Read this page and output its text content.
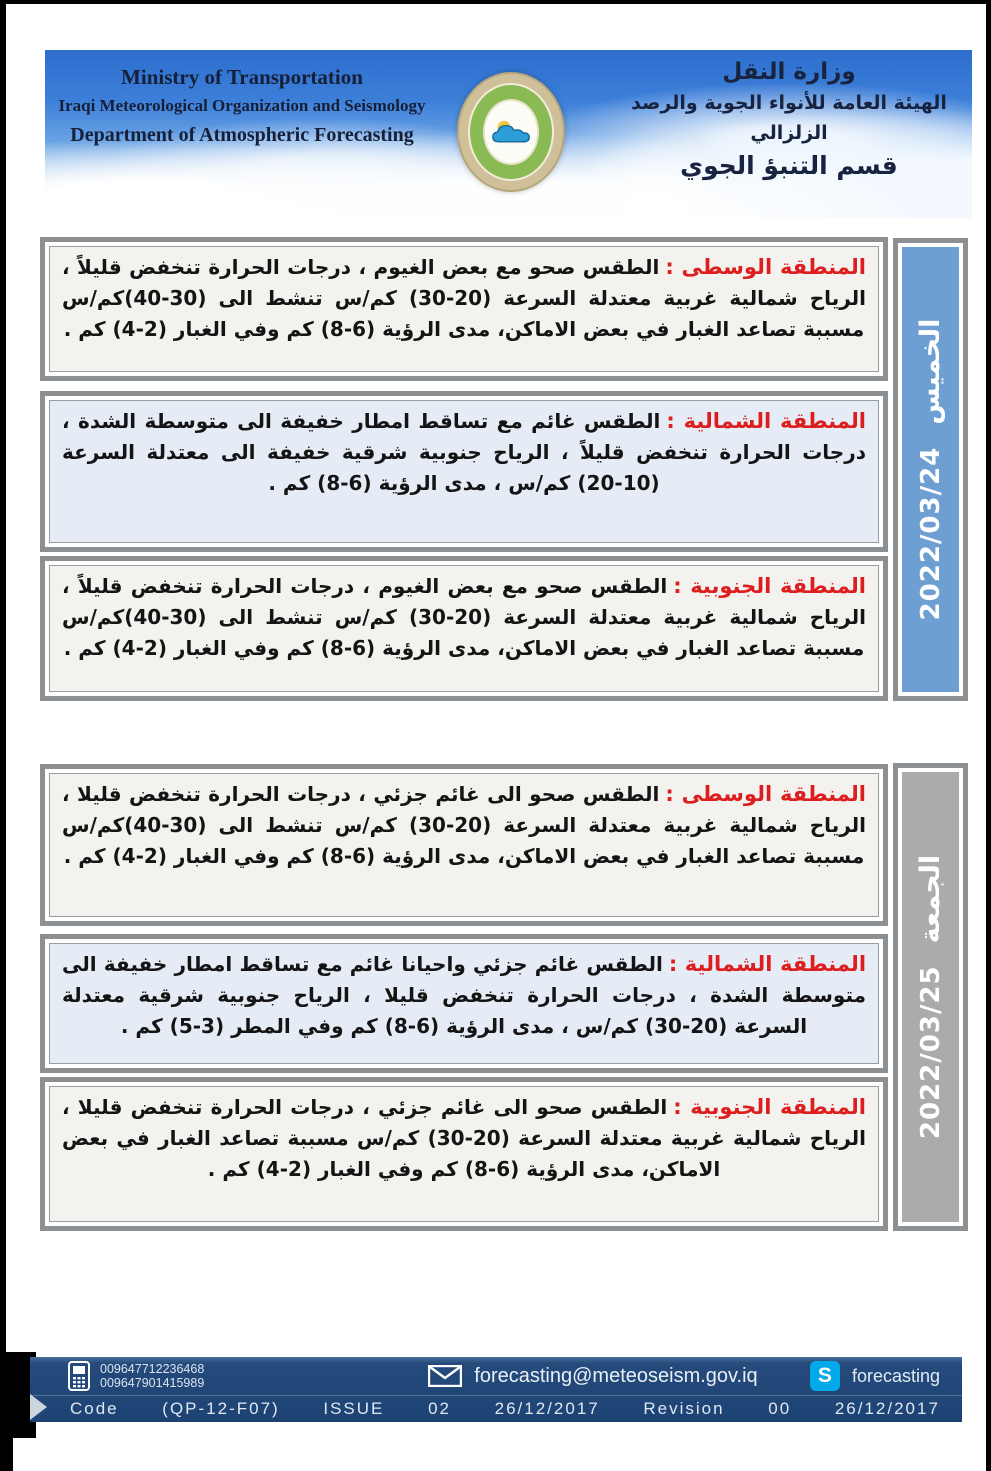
Ministry of Transportation
Iraqi Meteorological Organization and Seismology
Department of Atmospheric Forecasting
وزارة النقل
الهيئة العامة للأنواء الجوية والرصد الزلزالي
قسم التنبؤ الجوي

المنطقة الوسطى :الطقس صحو مع بعض الغيوم ، درجات الحرارة تنخفض قليلاً ، الرياح شمالية غربية معتدلة السرعة (20-30) كم/س تنشط الى (30-40)كم/س مسببة تصاعد الغبار في بعض الاماكن، مدى الرؤية (6-8) كم وفي الغبار (2-4) كم .

المنطقة الشمالية :الطقس غائم مع تساقط امطار خفيفة الى متوسطة الشدة ، درجات الحرارة تنخفض قليلاً ، الرياح جنوبية شرقية خفيفة الى معتدلة السرعة (10-20) كم/س ، مدى الرؤية (6-8) كم .

المنطقة الجنوبية :الطقس صحو مع بعض الغيوم ، درجات الحرارة تنخفض قليلاً ، الرياح شمالية غربية معتدلة السرعة (20-30) كم/س تنشط الى (30-40)كم/س مسببة تصاعد الغبار في بعض الاماكن، مدى الرؤية (6-8) كم وفي الغبار (2-4) كم .

الخميس
2022/03/24

المنطقة الوسطى :الطقس صحو الى غائم جزئي ، درجات الحرارة تنخفض قليلا ، الرياح شمالية غربية معتدلة السرعة (20-30) كم/س تنشط الى (30-40)كم/س مسببة تصاعد الغبار في بعض الاماكن، مدى الرؤية (6-8) كم وفي الغبار (2-4) كم .

المنطقة الشمالية :الطقس غائم جزئي واحيانا غائم مع تساقط امطار خفيفة الى متوسطة الشدة ، درجات الحرارة تنخفض قليلا ، الرياح جنوبية شرقية معتدلة السرعة (20-30) كم/س ، مدى الرؤية (6-8) كم وفي المطر (3-5) كم .

المنطقة الجنوبية :الطقس صحو الى غائم جزئي ، درجات الحرارة تنخفض قليلا ، الرياح شمالية غربية معتدلة السرعة (20-30) كم/س مسببة تصاعد الغبار في بعض الاماكن، مدى الرؤية (6-8) كم وفي الغبار (2-4) كم .

الجمعة
2022/03/25
009647712236468
009647901415989	forecasting@meteoseism.gov.iq	S	forecasting
Code	(QP-12-F07)	ISSUE	02	26/12/2017	Revision	00	26/12/2017
